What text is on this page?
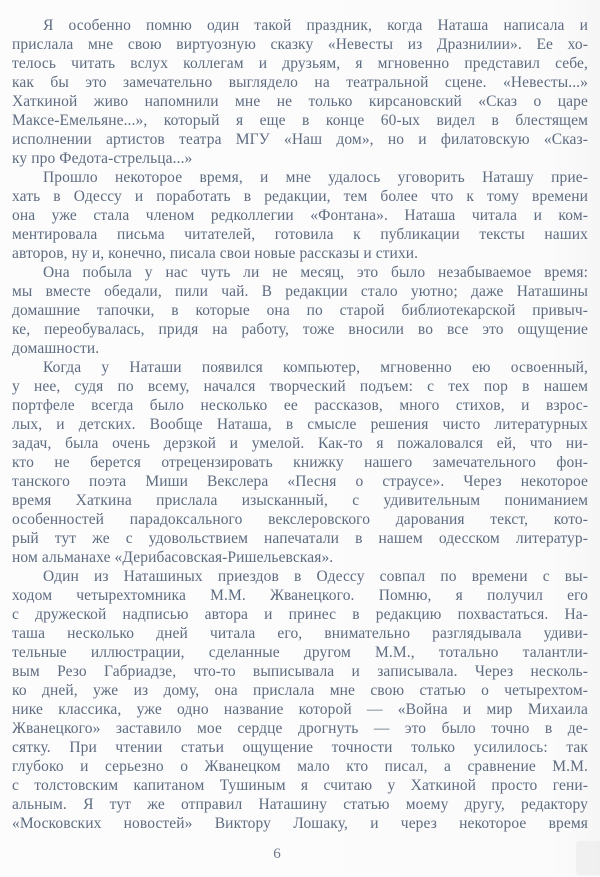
Я особенно помню один такой праздник, когда Наташа написала и
прислала мне свою виртуозную сказку «Невесты из Дразнилии». Ее хо-
телось читать вслух коллегам и друзьям, я мгновенно представил себе,
как бы это замечательно выглядело на театральной сцене. «Невесты...»
Хаткиной живо напомнили мне не только кирсановский «Сказ о царе
Максе-Емельяне...», который я еще в конце 60-ых видел в блестящем
исполнении артистов театра МГУ «Наш дом», но и филатовскую «Сказ-
ку про Федота-стрельца...»
Прошло некоторое время, и мне удалось уговорить Наташу прие-
хать в Одессу и поработать в редакции, тем более что к тому времени
она уже стала членом редколлегии «Фонтана». Наташа читала и ком-
ментировала письма читателей, готовила к публикации тексты наших
авторов, ну и, конечно, писала свои новые рассказы и стихи.
Она побыла у нас чуть ли не месяц, это было незабываемое время:
мы вместе обедали, пили чай. В редакции стало уютно; даже Наташины
домашние тапочки, в которые она по старой библиотекарской привыч-
ке, переобувалась, придя на работу, тоже вносили во все это ощущение
домашности.
Когда у Наташи появился компьютер, мгновенно ею освоенный,
у нее, судя по всему, начался творческий подъем: с тех пор в нашем
портфеле всегда было несколько ее рассказов, много стихов, и взрос-
лых, и детских. Вообще Наташа, в смысле решения чисто литературных
задач, была очень дерзкой и умелой. Как-то я пожаловался ей, что ни-
кто не берется отрецензировать книжку нашего замечательного фон-
танского поэта Миши Векслера «Песня о страусе». Через некоторое
время Хаткина прислала изысканный, с удивительным пониманием
особенностей парадоксального векслеровского дарования текст, кото-
рый тут же с удовольствием напечатали в нашем одесском литератур-
ном альманахе «Дерибасовская-Ришельевская».
Один из Наташиных приездов в Одессу совпал по времени с вы-
ходом четырехтомника М.М. Жванецкого. Помню, я получил его
с дружеской надписью автора и принес в редакцию похвастаться. На-
таша несколько дней читала его, внимательно разглядывала удиви-
тельные иллюстрации, сделанные другом М.М., тотально талантли-
вым Резо Габриадзе, что-то выписывала и записывала. Через несколь-
ко дней, уже из дому, она прислала мне свою статью о четырехтом-
нике классика, уже одно название которой — «Война и мир Михаила
Жванецкого» заставило мое сердце дрогнуть — это было точно в де-
сятку. При чтении статьи ощущение точности только усилилось: так
глубоко и серьезно о Жванецком мало кто писал, а сравнение М.М.
с толстовским капитаном Тушиным я считаю у Хаткиной просто гени-
альным. Я тут же отправил Наташину статью моему другу, редактору
«Московских новостей» Виктору Лошаку, и через некоторое время
6
